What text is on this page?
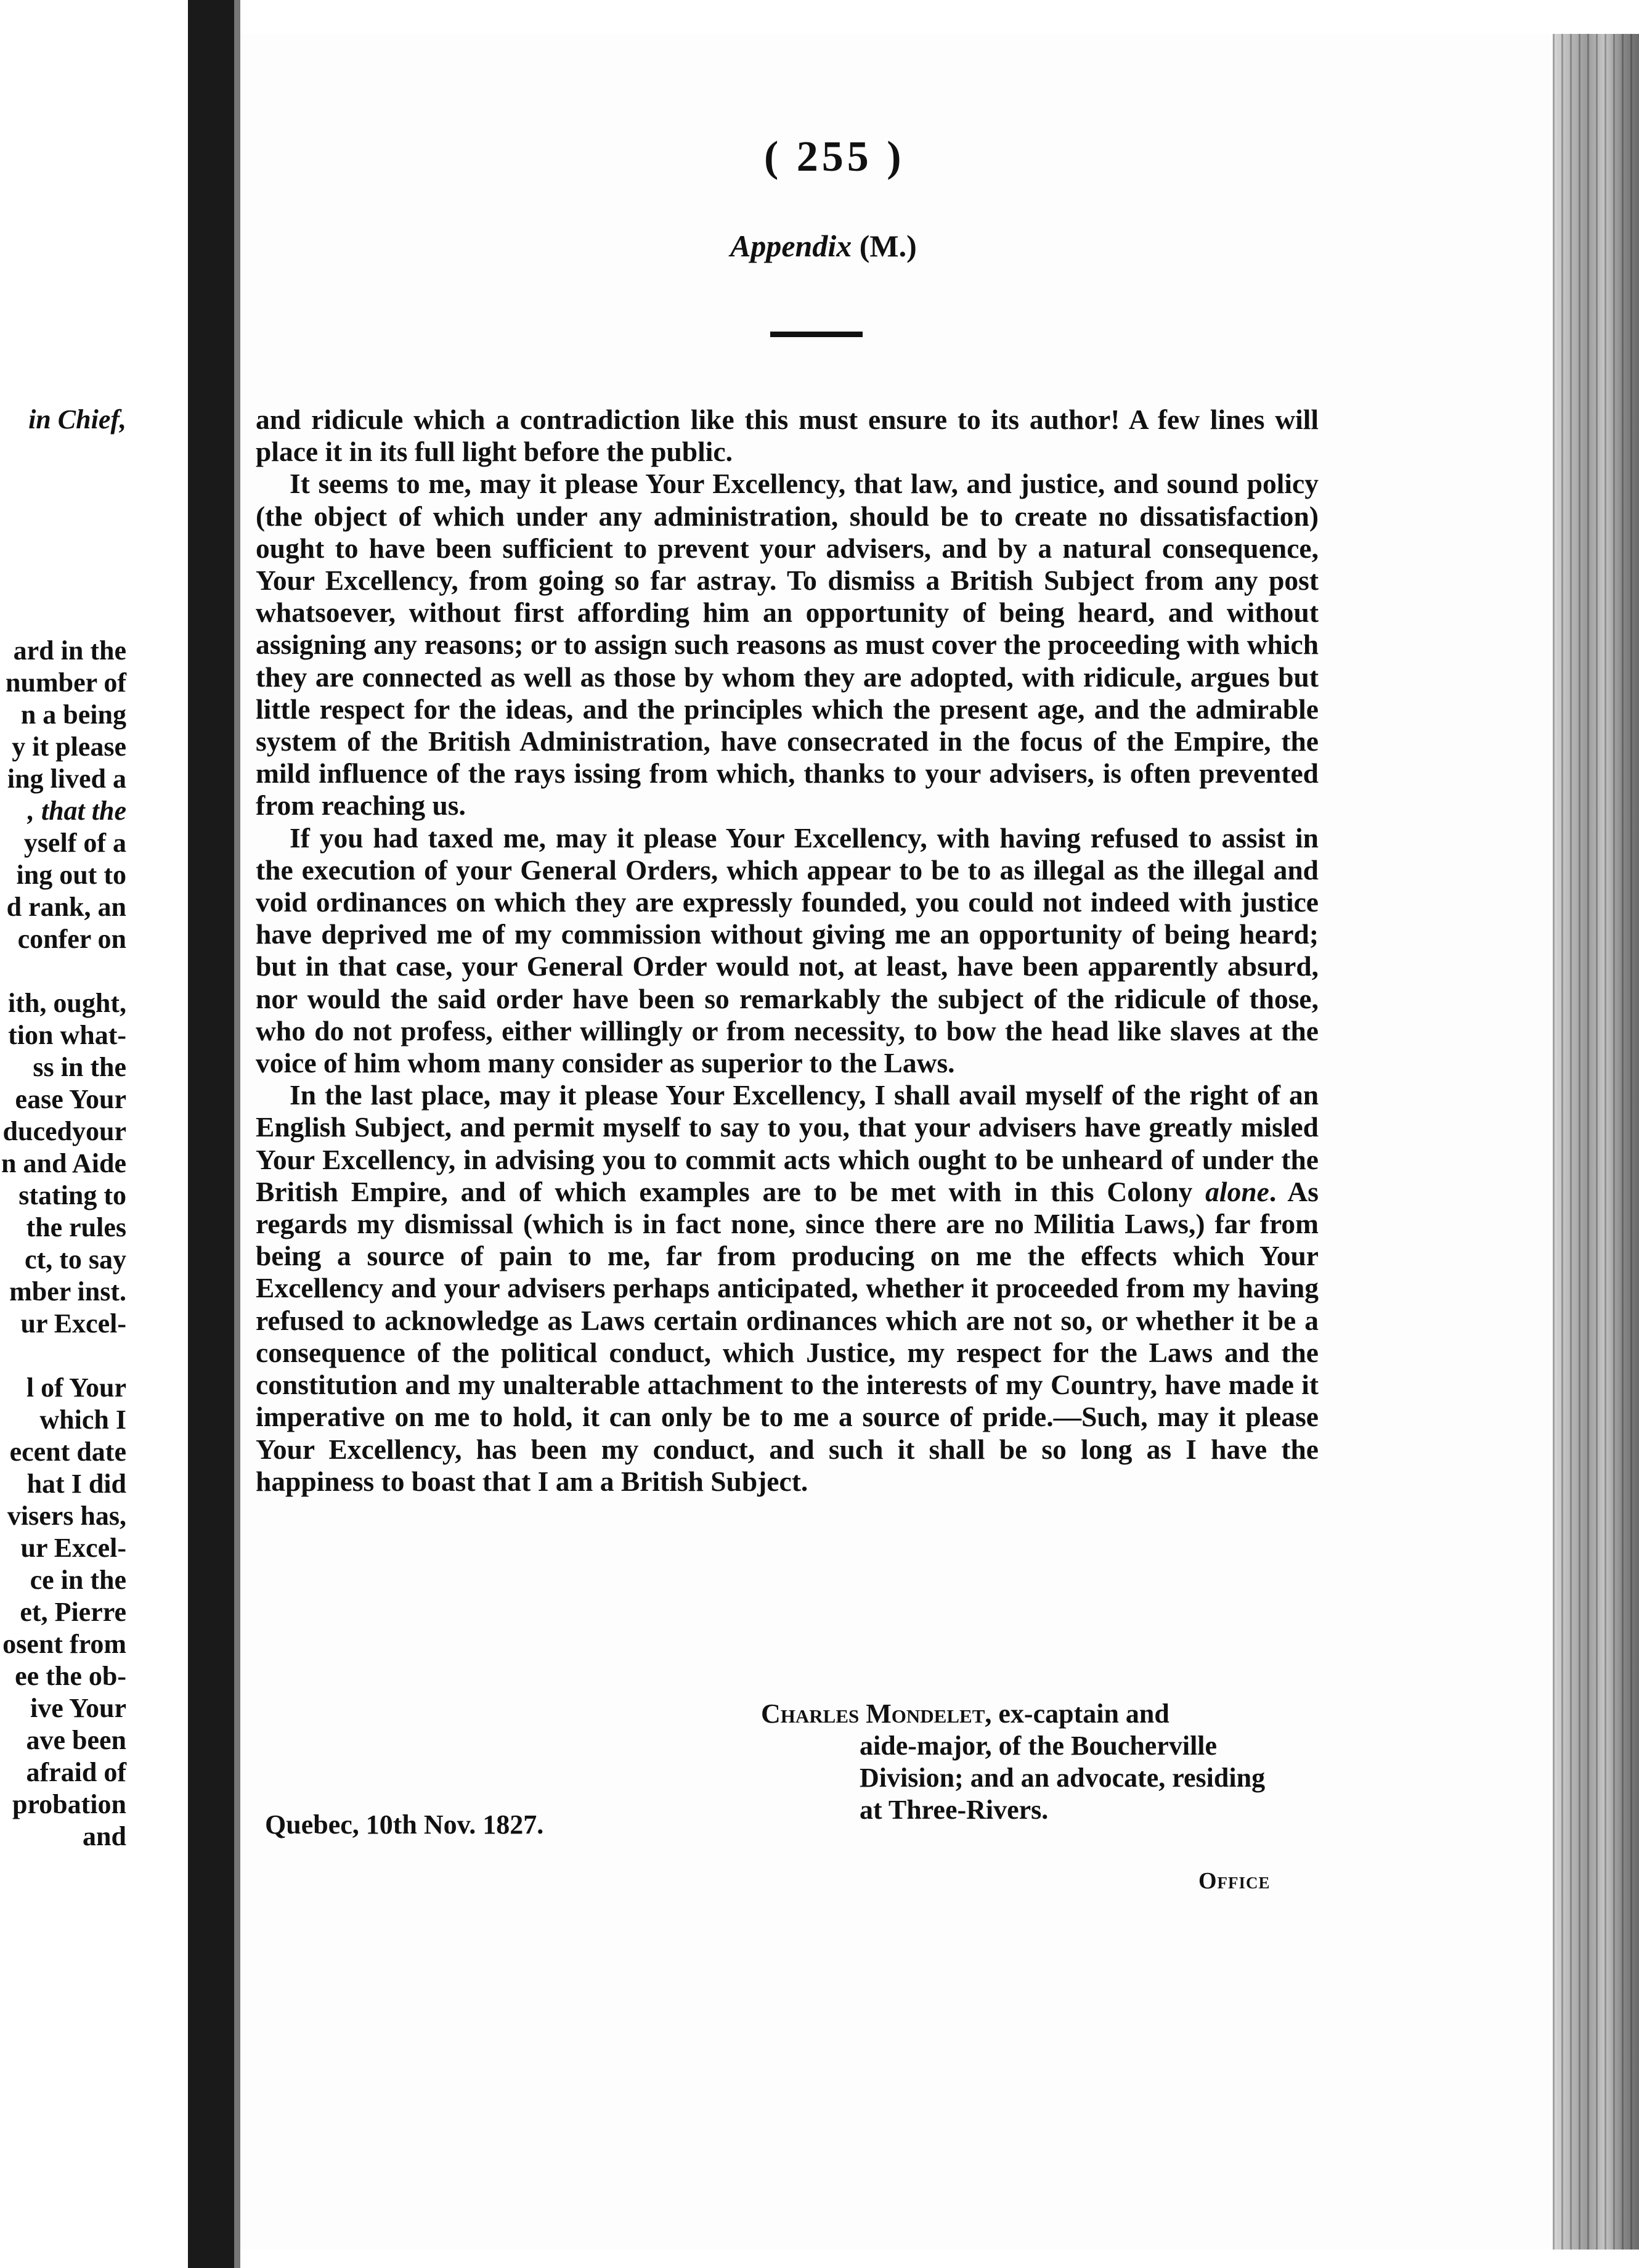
in Chief,
ard in the
number of
n a being
y it please
ing lived a
, that the
yself of a
ing out to
d rank, an
confer on
ith, ought,
tion what-
ss in the
ease Your
ducedyour
n and Aide
stating to
the rules
ct, to say
mber inst.
ur Excel-
l of Your
which I
ecent date
hat I did
visers has,
ur Excel-
ce in the
et, Pierre
osent from
ee the ob-
ive Your
ave been
afraid of
probation
and
( 255 )
Appendix (M.)

and ridicule which a contradiction like this must ensure to its author! A few lines will place it in its full light before the public.

It seems to me, may it please Your Excellency, that law, and justice, and sound policy (the object of which under any administration, should be to create no dissatisfaction) ought to have been sufficient to prevent your advisers, and by a natural consequence, Your Excellency, from going so far astray. To dismiss a British Subject from any post whatsoever, without first affording him an opportunity of being heard, and without assigning any reasons; or to assign such reasons as must cover the proceeding with which they are connected as well as those by whom they are adopted, with ridicule, argues but little respect for the ideas, and the principles which the present age, and the admirable system of the British Administration, have consecrated in the focus of the Empire, the mild influence of the rays issing from which, thanks to your advisers, is often prevented from reaching us.

If you had taxed me, may it please Your Excellency, with having refused to assist in the execution of your General Orders, which appear to be to as illegal as the illegal and void ordinances on which they are expressly founded, you could not indeed with justice have deprived me of my commission without giving me an opportunity of being heard; but in that case, your General Order would not, at least, have been apparently absurd, nor would the said order have been so remarkably the subject of the ridicule of those, who do not profess, either willingly or from necessity, to bow the head like slaves at the voice of him whom many consider as superior to the Laws.

In the last place, may it please Your Excellency, I shall avail myself of the right of an English Subject, and permit myself to say to you, that your advisers have greatly misled Your Excellency, in advising you to commit acts which ought to be unheard of under the British Empire, and of which examples are to be met with in this Colony alone. As regards my dismissal (which is in fact none, since there are no Militia Laws,) far from being a source of pain to me, far from producing on me the effects which Your Excellency and your advisers perhaps anticipated, whether it proceeded from my having refused to acknowledge as Laws certain ordinances which are not so, or whether it be a consequence of the political conduct, which Justice, my respect for the Laws and the constitution and my unalterable attachment to the interests of my Country, have made it imperative on me to hold, it can only be to me a source of pride.—Such, may it please Your Excellency, has been my conduct, and such it shall be so long as I have the happiness to boast that I am a British Subject.

Charles Mondelet, ex-captain and
aide-major, of the Boucherville Division; and an advocate, residing at Three-Rivers.
Quebec, 10th Nov. 1827.
Office
